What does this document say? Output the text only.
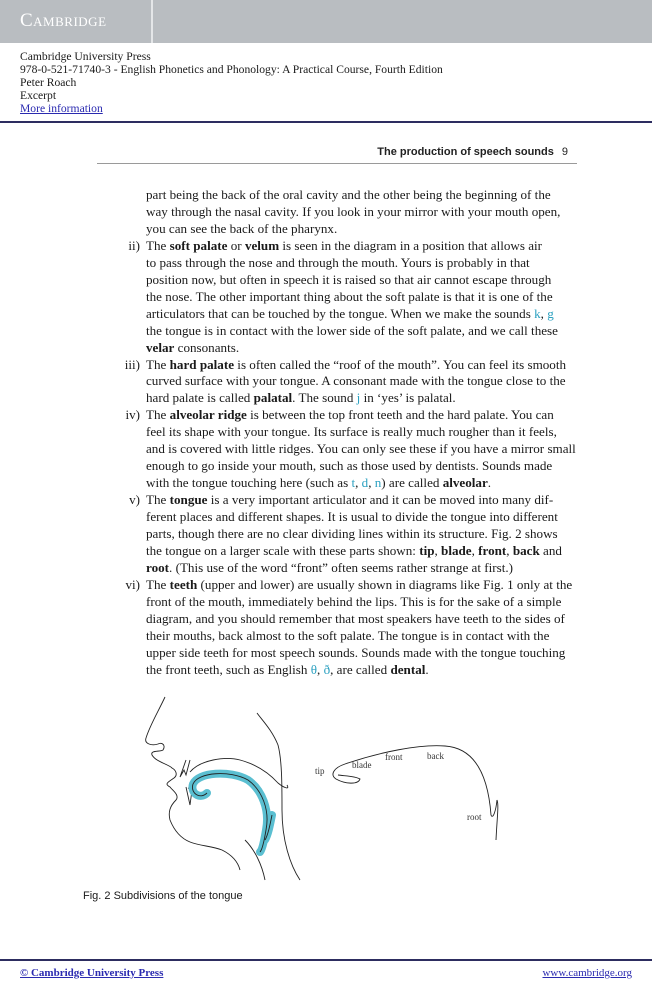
Cambridge
Cambridge University Press
978-0-521-71740-3 - English Phonetics and Phonology: A Practical Course, Fourth Edition
Peter Roach
Excerpt
More information
The production of speech sounds 9
part being the back of the oral cavity and the other being the beginning of the
way through the nasal cavity. If you look in your mirror with your mouth open,
you can see the back of the pharynx.
ii) The soft palate or velum is seen in the diagram in a position that allows air
to pass through the nose and through the mouth. Yours is probably in that
position now, but often in speech it is raised so that air cannot escape through
the nose. The other important thing about the soft palate is that it is one of the
articulators that can be touched by the tongue. When we make the sounds k, g
the tongue is in contact with the lower side of the soft palate, and we call these
velar consonants.
iii) The hard palate is often called the “roof of the mouth”. You can feel its smooth
curved surface with your tongue. A consonant made with the tongue close to the
hard palate is called palatal. The sound j in ‘yes’ is palatal.
iv) The alveolar ridge is between the top front teeth and the hard palate. You can
feel its shape with your tongue. Its surface is really much rougher than it feels,
and is covered with little ridges. You can only see these if you have a mirror small
enough to go inside your mouth, such as those used by dentists. Sounds made
with the tongue touching here (such as t, d, n) are called alveolar.
v) The tongue is a very important articulator and it can be moved into many dif-
ferent places and different shapes. It is usual to divide the tongue into different
parts, though there are no clear dividing lines within its structure. Fig. 2 shows
the tongue on a larger scale with these parts shown: tip, blade, front, back and
root. (This use of the word “front” often seems rather strange at first.)
vi) The teeth (upper and lower) are usually shown in diagrams like Fig. 1 only at the
front of the mouth, immediately behind the lips. This is for the sake of a simple
diagram, and you should remember that most speakers have teeth to the sides of
their mouths, back almost to the soft palate. The tongue is in contact with the
upper side teeth for most speech sounds. Sounds made with the tongue touching
the front teeth, such as English θ, ð, are called dental.
tip
blade
front	back
root
Fig. 2 Subdivisions of the tongue
© Cambridge University Press	www.cambridge.org
